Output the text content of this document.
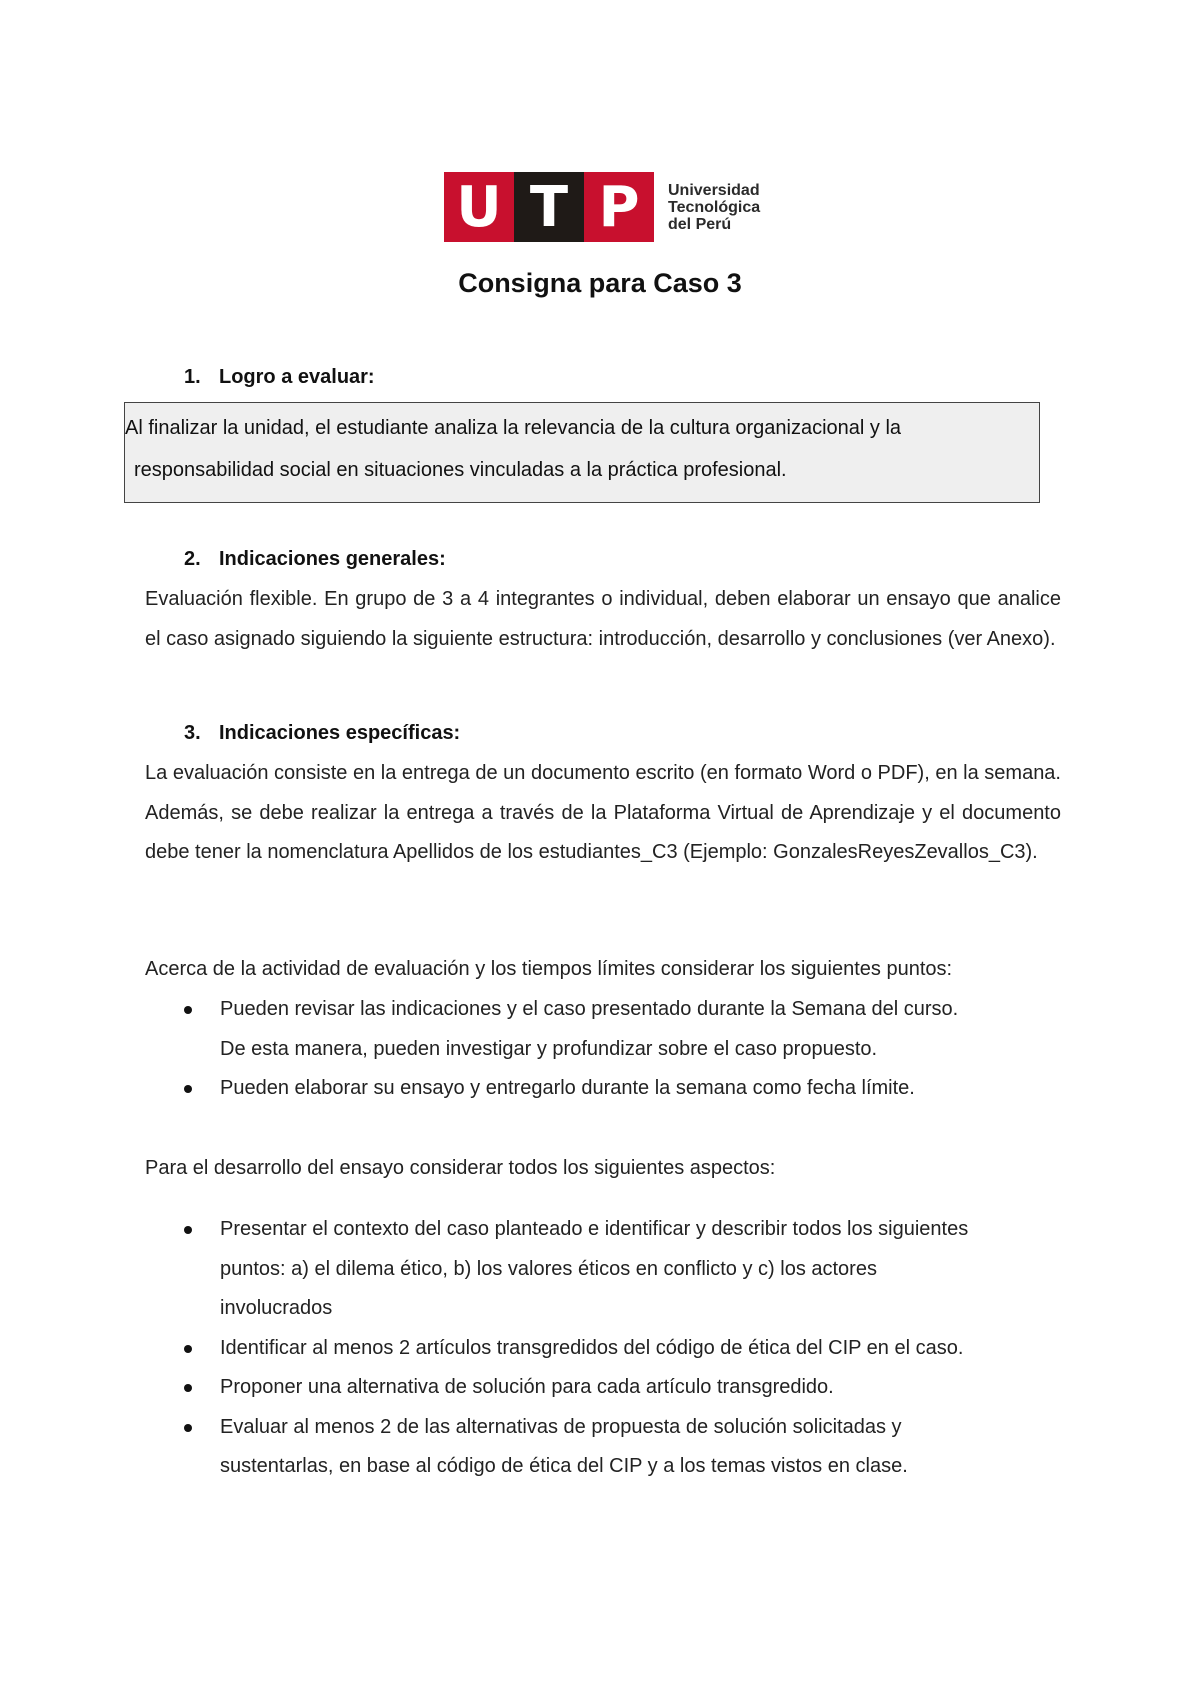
U T P	Universidad
Tecnológica
del Perú
Consigna para Caso 3
1. Logro a evaluar:

Al finalizar la unidad, el estudiante analiza la relevancia de la cultura organizacional y la

responsabilidad social en situaciones vinculadas a la práctica profesional.

2. Indicaciones generales:
Evaluación flexible. En grupo de 3 a 4 integrantes o individual, deben elaborar un ensayo que analice el caso asignado siguiendo la siguiente estructura: introducción, desarrollo y conclusiones (ver Anexo).
3. Indicaciones específicas:
La evaluación consiste en la entrega de un documento escrito (en formato Word o PDF), en la semana. Además, se debe realizar la entrega a través de la Plataforma Virtual de Aprendizaje y el documento debe tener la nomenclatura Apellidos de los estudiantes_C3 (Ejemplo: GonzalesReyesZevallos_C3).
Acerca de la actividad de evaluación y los tiempos límites considerar los siguientes puntos:
Pueden revisar las indicaciones y el caso presentado durante la Semana del curso. De esta manera, pueden investigar y profundizar sobre el caso propuesto.
Pueden elaborar su ensayo y entregarlo durante la semana como fecha límite.
Para el desarrollo del ensayo considerar todos los siguientes aspectos:
Presentar el contexto del caso planteado e identificar y describir todos los siguientes puntos: a) el dilema ético, b) los valores éticos en conflicto y c) los actores involucrados
Identificar al menos 2 artículos transgredidos del código de ética del CIP en el caso.
Proponer una alternativa de solución para cada artículo transgredido.
Evaluar al menos 2 de las alternativas de propuesta de solución solicitadas y sustentarlas, en base al código de ética del CIP y a los temas vistos en clase.
